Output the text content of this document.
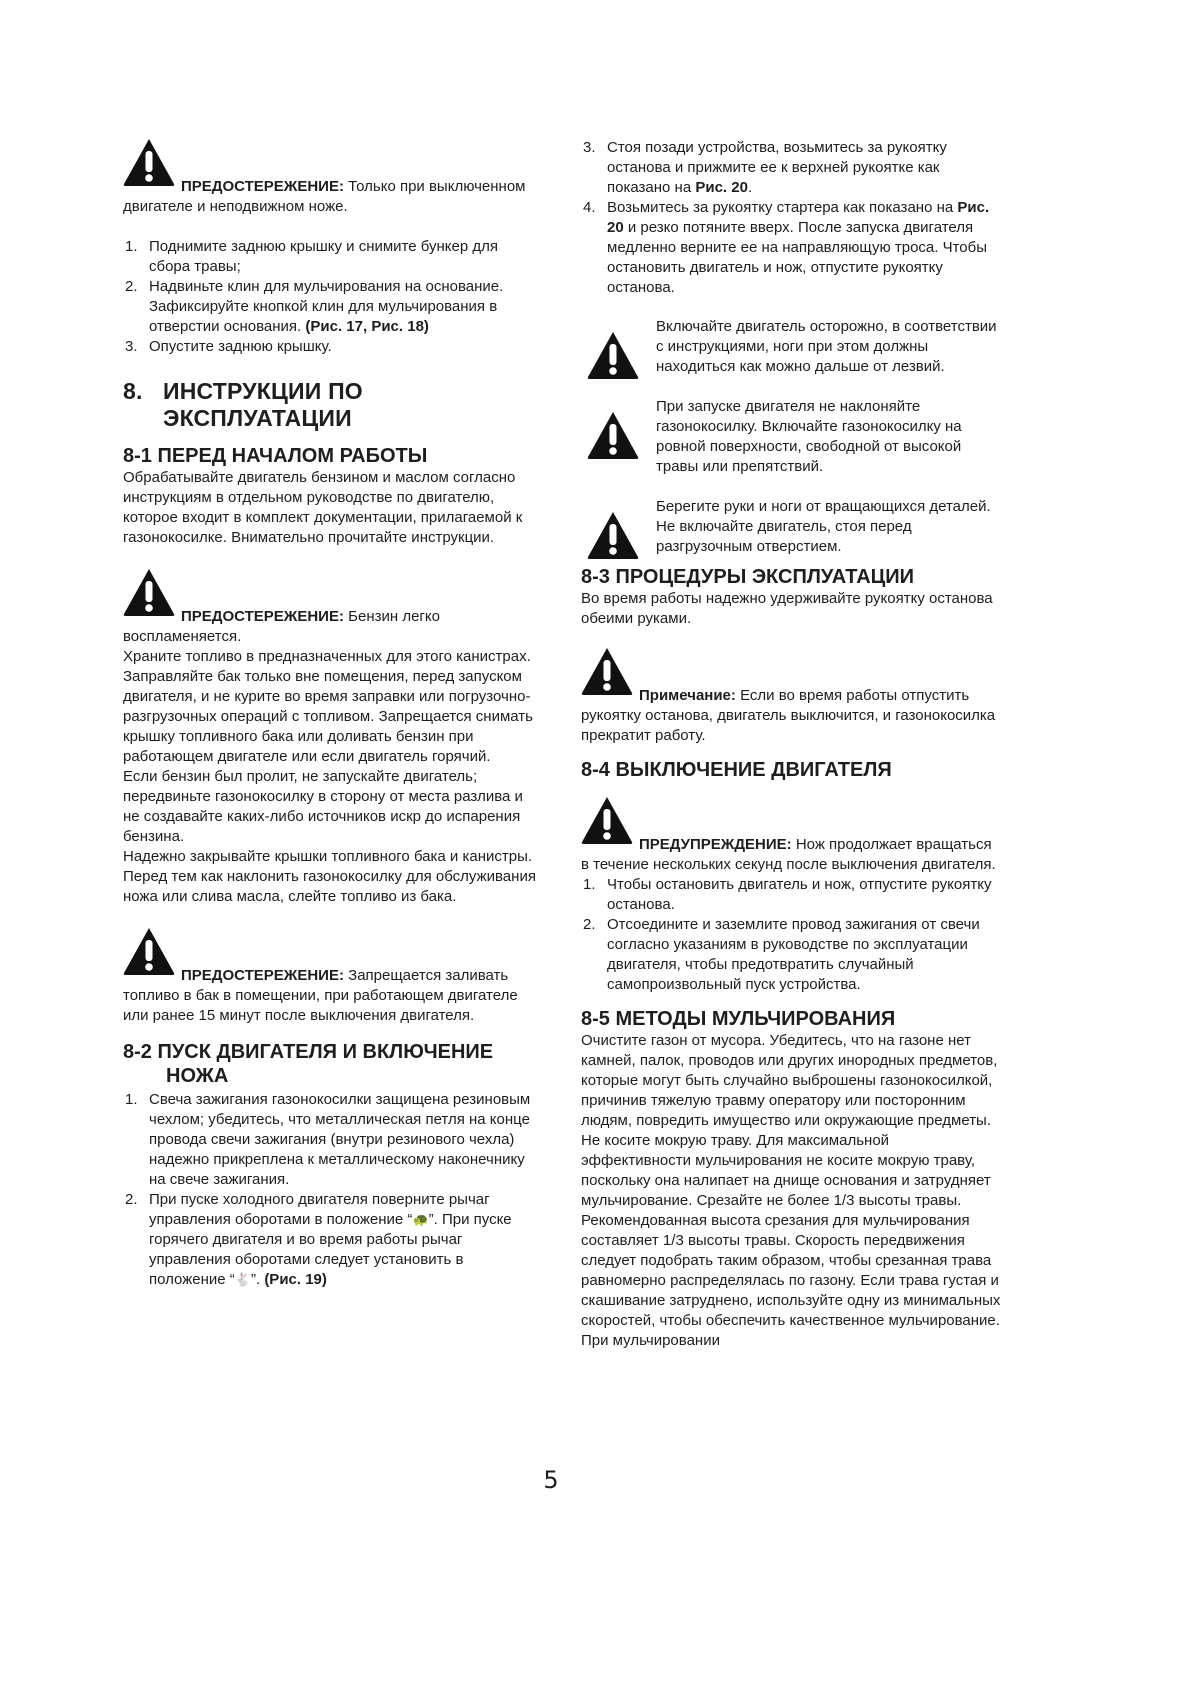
ПРЕДОСТЕРЕЖЕНИЕ: Только при выключенном двигателе и неподвижном ноже.

1. Поднимите заднюю крышку и снимите бункер для сбора травы;
2. Надвиньте клин для мульчирования на основание. Зафиксируйте кнопкой клин для мульчирования в отверстии основания. (Рис. 17, Рис. 18)
3. Опустите заднюю крышку.
8. ИНСТРУКЦИИ ПО
ЭКСПЛУАТАЦИИ
8-1 ПЕРЕД НАЧАЛОМ РАБОТЫ

Обрабатывайте двигатель бензином и маслом согласно инструкциям в отдельном руководстве по двигателю, которое входит в комплект документации, прилагаемой к газонокосилке. Внимательно прочитайте инструкции.

ПРЕДОСТЕРЕЖЕНИЕ: Бензин легко воспламеняется.

Храните топливо в предназначенных для этого канистрах.

Заправляйте бак только вне помещения, перед запуском двигателя, и не курите во время заправки или погрузочно-разгрузочных операций с топливом. Запрещается снимать крышку топливного бака или доливать бензин при работающем двигателе или если двигатель горячий.

Если бензин был пролит, не запускайте двигатель; передвиньте газонокосилку в сторону от места разлива и не создавайте каких-либо источников искр до испарения бензина.

Надежно закрывайте крышки топливного бака и канистры.

Перед тем как наклонить газонокосилку для обслуживания ножа или слива масла, слейте топливо из бака.

ПРЕДОСТЕРЕЖЕНИЕ: Запрещается заливать топливо в бак в помещении, при работающем двигателе или ранее 15 минут после выключения двигателя.

8-2 ПУСК ДВИГАТЕЛЯ И ВКЛЮЧЕНИЕ
НОЖА
1. Свеча зажигания газонокосилки защищена резиновым чехлом; убедитесь, что металлическая петля на конце провода свечи зажигания (внутри резинового чехла) надежно прикреплена к металлическому наконечнику на свече зажигания.
2. При пуске холодного двигателя поверните рычаг управления оборотами в положение “🐢”. При пуске горячего двигателя и во время работы рычаг управления оборотами следует установить в положение “🐇”. (Рис. 19)
3. Стоя позади устройства, возьмитесь за рукоятку останова и прижмите ее к верхней рукоятке как показано на Рис. 20.
4. Возьмитесь за рукоятку стартера как показано на Рис. 20 и резко потяните вверх. После запуска двигателя медленно верните ее на направляющую троса. Чтобы остановить двигатель и нож, отпустите рукоятку останова.

Включайте двигатель осторожно, в соответствии с инструкциями, ноги при этом должны находиться как можно дальше от лезвий.

При запуске двигателя не наклоняйте газонокосилку. Включайте газонокосилку на ровной поверхности, свободной от высокой травы или препятствий.

Берегите руки и ноги от вращающихся деталей. Не включайте двигатель, стоя перед разгрузочным отверстием.

8-3 ПРОЦЕДУРЫ ЭКСПЛУАТАЦИИ

Во время работы надежно удерживайте рукоятку останова обеими руками.

Примечание: Если во время работы отпустить рукоятку останова, двигатель выключится, и газонокосилка прекратит работу.

8-4 ВЫКЛЮЧЕНИЕ ДВИГАТЕЛЯ

ПРЕДУПРЕЖДЕНИЕ: Нож продолжает вращаться в течение нескольких секунд после выключения двигателя.

1. Чтобы остановить двигатель и нож, отпустите рукоятку останова.
2. Отсоедините и заземлите провод зажигания от свечи согласно указаниям в руководстве по эксплуатации двигателя, чтобы предотвратить случайный самопроизвольный пуск устройства.
8-5 МЕТОДЫ МУЛЬЧИРОВАНИЯ

Очистите газон от мусора. Убедитесь, что на газоне нет камней, палок, проводов или других инородных предметов, которые могут быть случайно выброшены газонокосилкой, причинив тяжелую травму оператору или посторонним людям, повредить имущество или окружающие предметы. Не косите мокрую траву. Для максимальной эффективности мульчирования не косите мокрую траву, поскольку она налипает на днище основания и затрудняет мульчирование. Срезайте не более 1/3 высоты травы. Рекомендованная высота срезания для мульчирования составляет 1/3 высоты травы. Скорость передвижения следует подобрать таким образом, чтобы срезанная трава равномерно распределялась по газону. Если трава густая и скашивание затруднено, используйте одну из минимальных скоростей, чтобы обеспечить качественное мульчирование. При мульчировании

5
